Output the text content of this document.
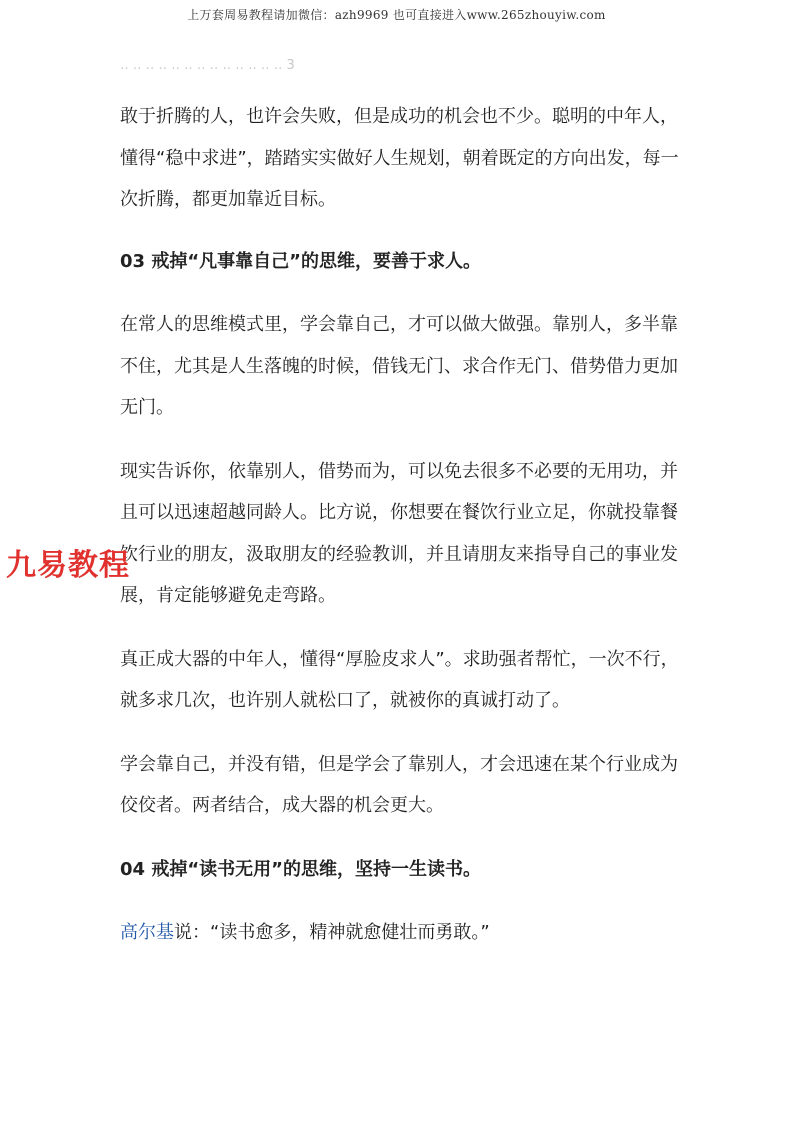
上万套周易教程请加微信：azh9969 也可直接进入www.265zhouyiw.com
‥ ‥ ‥ ‥ ‥ ‥ ‥ ‥ ‥ ‥ ‥ ‥ ‥ 3

敢于折腾的人，也许会失败，但是成功的机会也不少。聪明的中年人，懂得“稳中求进”，踏踏实实做好人生规划，朝着既定的方向出发，每一次折腾，都更加靠近目标。

03 戒掉“凡事靠自己”的思维，要善于求人。

在常人的思维模式里，学会靠自己，才可以做大做强。靠别人，多半靠不住，尤其是人生落魄的时候，借钱无门、求合作无门、借势借力更加无门。

现实告诉你，依靠别人，借势而为，可以免去很多不必要的无用功，并且可以迅速超越同龄人。比方说，你想要在餐饮行业立足，你就投靠餐饮行业的朋友，汲取朋友的经验教训，并且请朋友来指导自己的事业发展，肯定能够避免走弯路。

真正成大器的中年人，懂得“厚脸皮求人”。求助强者帮忙，一次不行，就多求几次，也许别人就松口了，就被你的真诚打动了。

学会靠自己，并没有错，但是学会了靠别人，才会迅速在某个行业成为佼佼者。两者结合，成大器的机会更大。

04 戒掉“读书无用”的思维，坚持一生读书。

高尔基说：“读书愈多，精神就愈健壮而勇敢。”

九易教程
